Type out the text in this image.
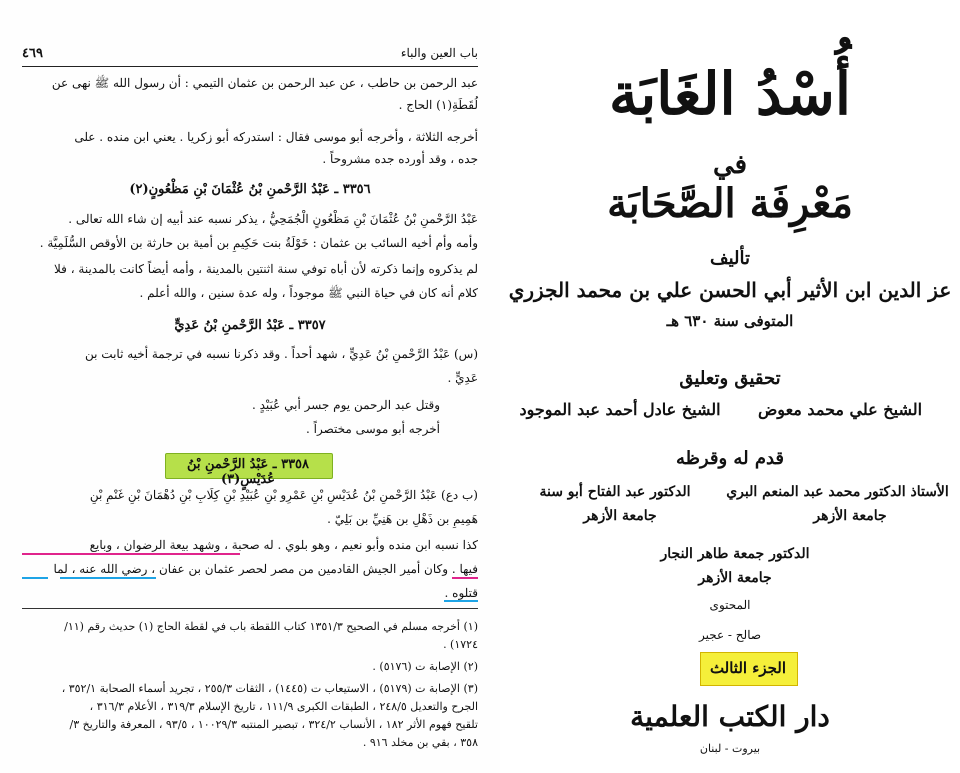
٤٦٩	باب العين والباء
عبد الرحمن بن حاطب ، عن عبد الرحمن بن عثمان التيمي : أن رسول الله ﷺ نهى عن
لُقَطَةِ(١) الحاج .
أخرجه الثلاثة ، وأخرجه أبو موسى فقال : استدركه أبو زكريا . يعني ابن منده . على
جده ، وقد أورده جده مشروحاً .
٣٣٥٦ ـ عَبْدُ الرَّحْمنِ بْنُ عُثْمَانَ بْنِ مَظْعُونٍ(٢)
عَبْدُ الرَّحْمنِ بْنُ عُثْمَانَ بْنِ مَظْعُونٍ الْجُمَحِيُّ ، يذكر نسبه عند أبيه إن شاء الله تعالى .
وأمه وأم أخيه السائب بن عثمان : خَوْلَةُ بنت حَكِيمِ بن أمية بن حارثة بن الأوقص السُّلَمِيَّة .
لم يذكروه وإنما ذكرته لأن أباه توفي سنة اثنتين بالمدينة ، وأمه أيضاً كانت بالمدينة ، فلا
كلام أنه كان في حياة النبي ﷺ موجوداً ، وله عدة سنين ، والله أعلم .
٣٣٥٧ ـ عَبْدُ الرَّحْمنِ بْنُ عَدِيٍّ
(س) عَبْدُ الرَّحْمنِ بْنُ عَدِيٍّ ، شهد أحداً . وقد ذكرنا نسبه في ترجمة أخيه ثابت بن
عَدِيٍّ .
وقتل عبد الرحمن يوم جسر أبي عُبَيْدٍ .
أخرجه أبو موسى مختصراً .
٣٣٥٨ ـ عَبْدُ الرَّحْمنِ بْنُ عُدَيْسٍ(٣)
(ب دع) عَبْدُ الرَّحْمنِ بْنُ عُدَيْسِ بْنِ عَمْرِو بْنِ عُبَيْدِ بْنِ كِلَابِ بْنِ دُهْمَانَ بْنِ غَنْمِ بْنِ
هَمِيمِ بن ذَهْلِ بن هَنِيِّ بن بَلِيّ .
كذا نسبه ابن منده وأبو نعيم ، وهو بلوي . له صحبة ، وشهد بيعة الرضوان ، وبايع
فيها . وكان أمير الجيش القادمين من مصر لحصر عثمان بن عفان ، رضي الله عنه ، لما
قتلوه .
(١) أخرجه مسلم في الصحيح ١٣٥١/٣ كتاب اللقطة باب في لقطة الحاج (١) حديث رقم (١١/
١٧٢٤) .
(٢) الإصابة ت (٥١٧٦) .
(٣) الإصابة ت (٥١٧٩) ، الاستيعاب ت (١٤٤٥) ، الثقات ٢٥٥/٣ ، تجريد أسماء الصحابة ٣٥٢/١ ،
الجرح والتعديل ٢٤٨/٥ ، الطبقات الكبرى ١١١/٩ ، تاريخ الإسلام ٣١٩/٣ ، الأعلام ٣١٦/٣ ،
تلقيح فهوم الأثر ١٨٢ ، الأنساب ٣٢٤/٢ ، تبصير المنتبه ١٠٠٢٩/٣ ، ٩٣/٥ ، المعرفة والتاريخ ٣/
٣٥٨ ، بقي بن مخلد ٩١٦ .
أُسْدُ الغَابَة
في
مَعْرِفَة الصَّحَابَة
تأليف
عز الدين ابن الأثير أبي الحسن علي بن محمد الجزري
المتوفى سنة ٦٣٠ هـ
تحقيق وتعليق
الشيخ علي محمد معوض
الشيخ عادل أحمد عبد الموجود
قدم له وقرظه
الأستاذ الدكتور محمد عبد المنعم البري
جامعة الأزهر
الدكتور عبد الفتاح أبو سنة
جامعة الأزهر
الدكتور جمعة طاهر النجار
جامعة الأزهر
المحتوى
صالح - عجير
الجزء الثالث
دار الكتب العلمية
بيروت - لبنان
